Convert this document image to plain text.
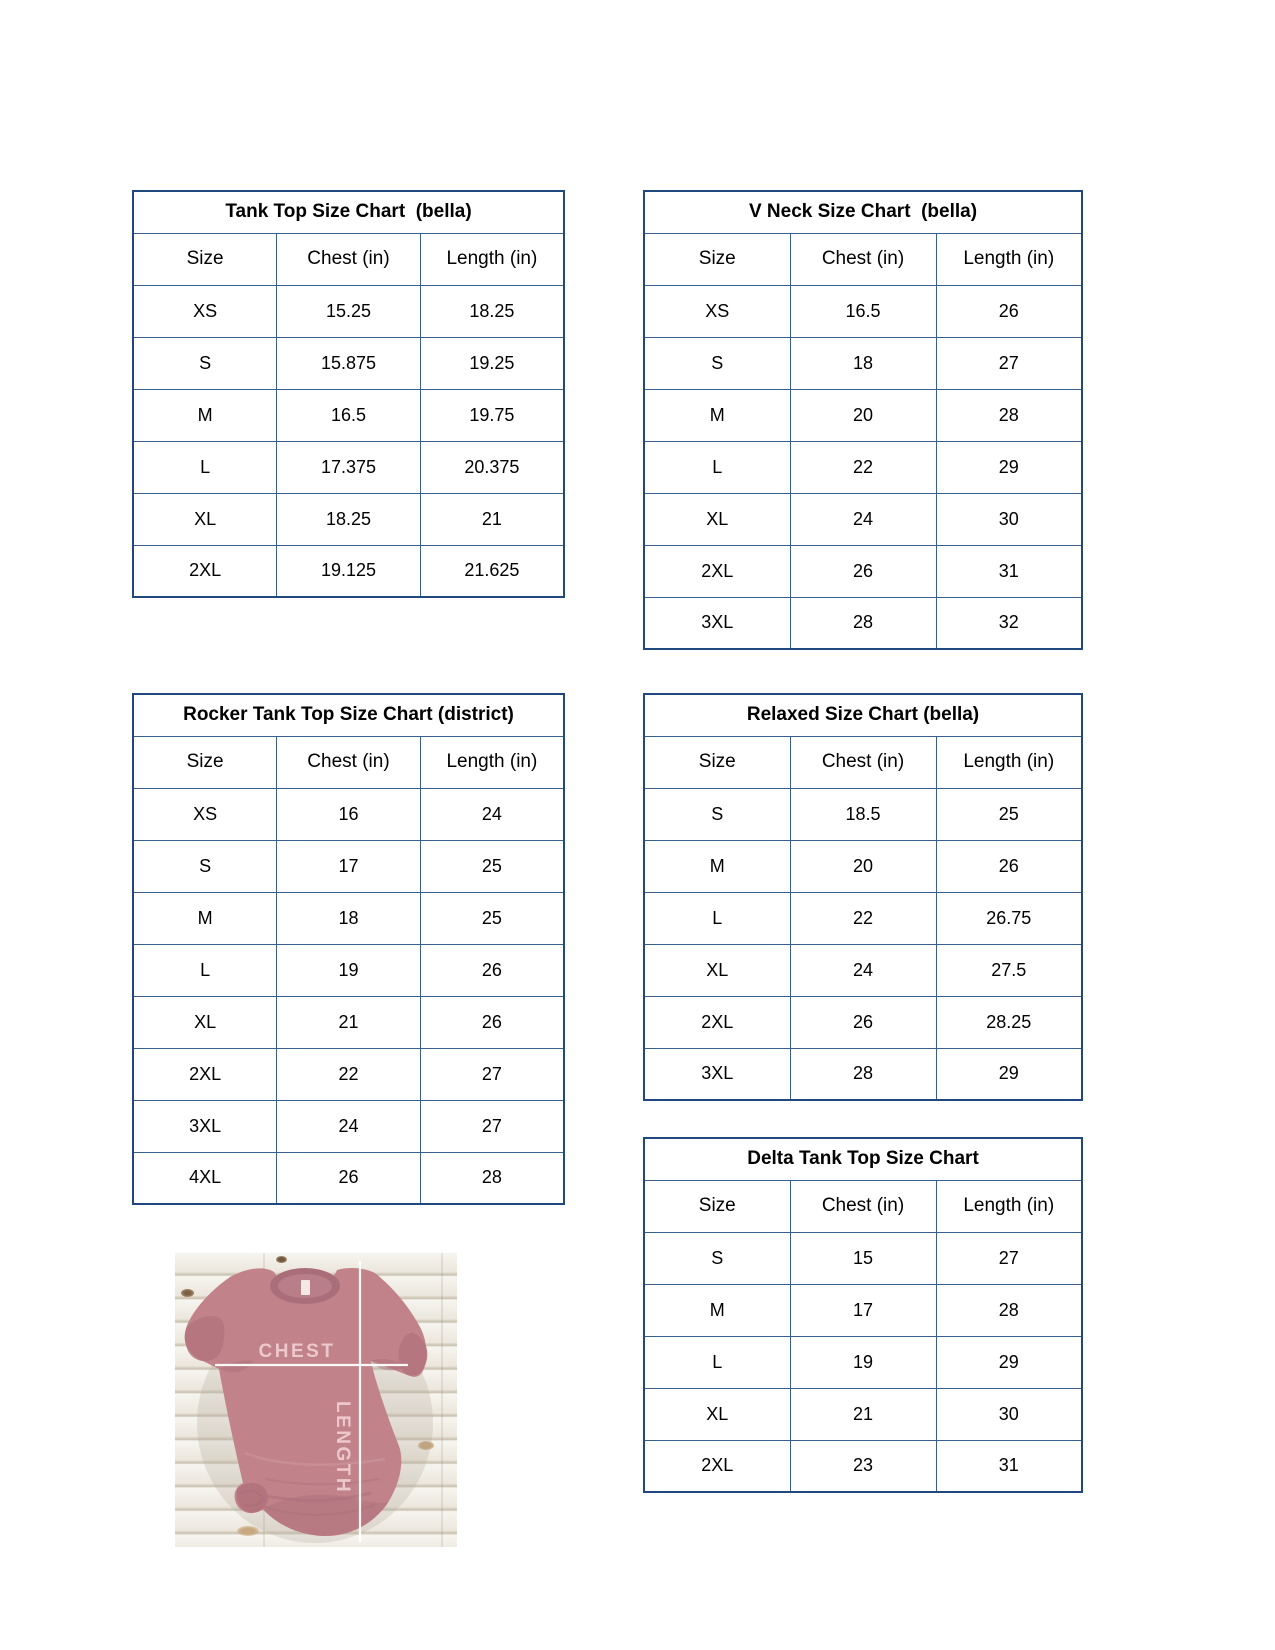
Tank Top Size Chart  (bella)		
Size	Chest (in)	Length (in)
XS	15.25	18.25
S	15.875	19.25
M	16.5	19.75
L	17.375	20.375
XL	18.25	21
2XL	19.125	21.625
V Neck Size Chart  (bella)		
Size	Chest (in)	Length (in)
XS	16.5	26
S	18	27
M	20	28
L	22	29
XL	24	30
2XL	26	31
3XL	28	32
Rocker Tank Top Size Chart (district)		
Size	Chest (in)	Length (in)
XS	16	24
S	17	25
M	18	25
L	19	26
XL	21	26
2XL	22	27
3XL	24	27
4XL	26	28
Relaxed Size Chart (bella)		
Size	Chest (in)	Length (in)
S	18.5	25
M	20	26
L	22	26.75
XL	24	27.5
2XL	26	28.25
3XL	28	29
Delta Tank Top Size Chart		
Size	Chest (in)	Length (in)
S	15	27
M	17	28
L	19	29
XL	21	30
2XL	23	31
CHEST
LENGTH
